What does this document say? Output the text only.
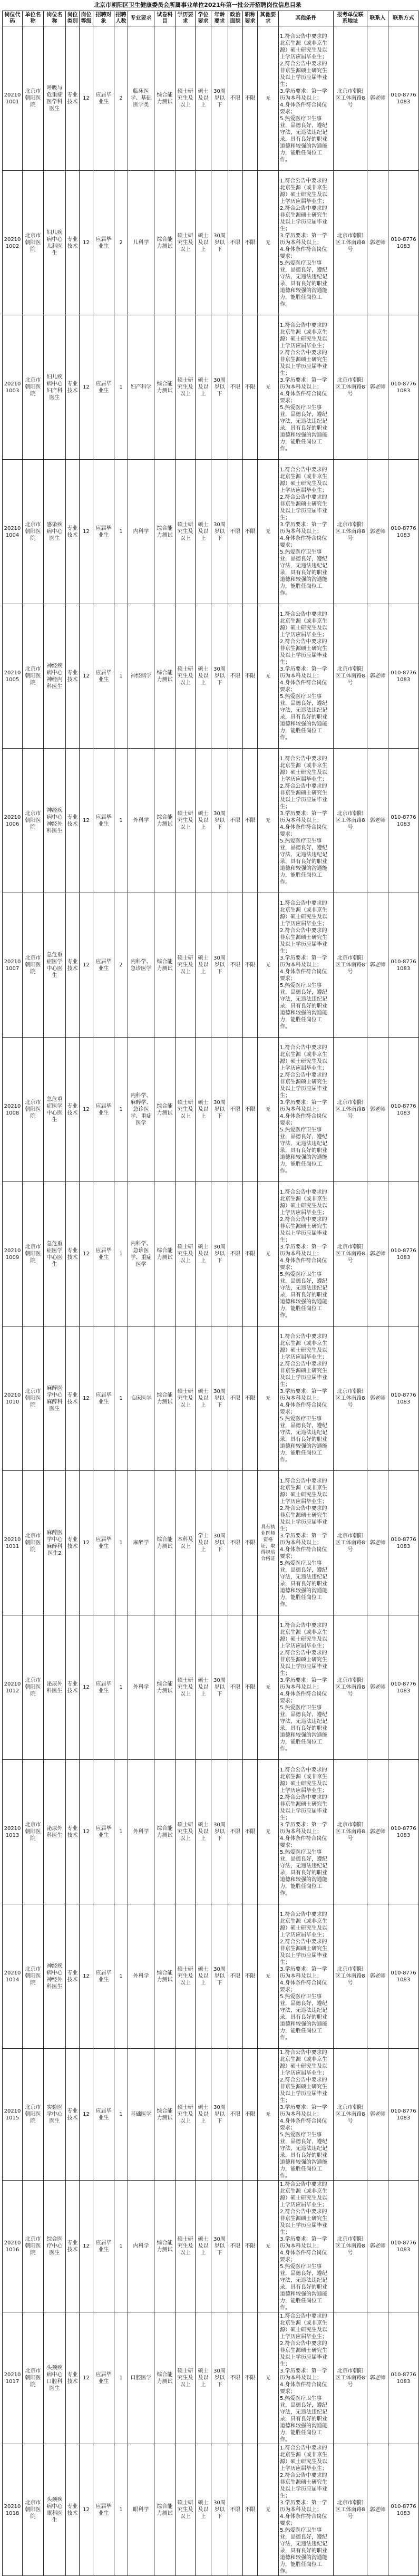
北京市朝阳区卫生健康委员会所属事业单位2021年第一批公开招聘岗位信息目录
岗位代码	单位名称	岗位名称	岗位类别	岗位等级	招聘对象	招聘人数	专业要求	试卷科目	学历要求	学位要求	年龄要求	政治面貌	职称要求	其他要求	其他条件	报考单位联系地址	联系人	联系方式
202101001	北京市朝阳医院	呼吸与危重症医学科医生	专业技术	12	应届毕业生	2	临床医学、基础医学类	综合能力测试	硕士研究生及以上	硕士及以上	30周岁以下	不限	不限	无	1.符合公告中要求的北京生源（或非京生源）硕士研究生及以上学历应届毕业生；
2.符合公告中要求的非京生源硕士研究生及以上学历应届毕业生；
3.学历要求：第一学历为本科及以上；
4.身体条件符合岗位要求；
5.热爱医疗卫生事业，品德良好，遵纪守法，无违法违纪记录，具有良好的职业道德和较强的沟通能力，能胜任岗位工作。	北京市朝阳区工体南路8号	郭老师	010-87761083
202101002	北京市朝阳医院	妇儿疾病中心儿科医生	专业技术	12	应届毕业生	2	儿科学	综合能力测试	硕士研究生及以上	硕士及以上	30周岁以下	不限	不限	无	1.符合公告中要求的北京生源（或非京生源）硕士研究生及以上学历应届毕业生；
2.符合公告中要求的非京生源硕士研究生及以上学历应届毕业生；
3.学历要求：第一学历为本科及以上；
4.身体条件符合岗位要求；
5.热爱医疗卫生事业，品德良好，遵纪守法，无违法违纪记录，具有良好的职业道德和较强的沟通能力，能胜任岗位工作。	北京市朝阳区工体南路8号	郭老师	010-87761083
202101003	北京市朝阳医院	妇儿疾病中心妇产科医生	专业技术	12	应届毕业生	1	妇产科学	综合能力测试	硕士研究生及以上	硕士及以上	30周岁以下	不限	不限	无	1.符合公告中要求的北京生源（或非京生源）硕士研究生及以上学历应届毕业生；
2.符合公告中要求的非京生源硕士研究生及以上学历应届毕业生；
3.学历要求：第一学历为本科及以上；
4.身体条件符合岗位要求；
5.热爱医疗卫生事业，品德良好，遵纪守法，无违法违纪记录，具有良好的职业道德和较强的沟通能力，能胜任岗位工作。	北京市朝阳区工体南路8号	郭老师	010-87761083
202101004	北京市朝阳医院	感染疾病中心医生	专业技术	12	应届毕业生	1	内科学	综合能力测试	硕士研究生及以上	硕士及以上	30周岁以下	不限	不限	无	1.符合公告中要求的北京生源（或非京生源）硕士研究生及以上学历应届毕业生；
2.符合公告中要求的非京生源硕士研究生及以上学历应届毕业生；
3.学历要求：第一学历为本科及以上；
4.身体条件符合岗位要求；
5.热爱医疗卫生事业，品德良好，遵纪守法，无违法违纪记录，具有良好的职业道德和较强的沟通能力，能胜任岗位工作。	北京市朝阳区工体南路8号	郭老师	010-87761083
202101005	北京市朝阳医院	神经疾病中心神经内科医生	专业技术	12	应届毕业生	1	神经病学	综合能力测试	硕士研究生及以上	硕士及以上	30周岁以下	不限	不限	无	1.符合公告中要求的北京生源（或非京生源）硕士研究生及以上学历应届毕业生；
2.符合公告中要求的非京生源硕士研究生及以上学历应届毕业生；
3.学历要求：第一学历为本科及以上；
4.身体条件符合岗位要求；
5.热爱医疗卫生事业，品德良好，遵纪守法，无违法违纪记录，具有良好的职业道德和较强的沟通能力，能胜任岗位工作。	北京市朝阳区工体南路8号	郭老师	010-87761083
202101006	北京市朝阳医院	神经疾病中心神经外科医生	专业技术	12	应届毕业生	1	外科学	综合能力测试	硕士研究生及以上	硕士及以上	30周岁以下	不限	不限	无	1.符合公告中要求的北京生源（或非京生源）硕士研究生及以上学历应届毕业生；
2.符合公告中要求的非京生源硕士研究生及以上学历应届毕业生；
3.学历要求：第一学历为本科及以上；
4.身体条件符合岗位要求；
5.热爱医疗卫生事业，品德良好，遵纪守法，无违法违纪记录，具有良好的职业道德和较强的沟通能力，能胜任岗位工作。	北京市朝阳区工体南路8号	郭老师	010-87761083
202101007	北京市朝阳医院	急危重症医学中心医生	专业技术	12	应届毕业生	2	内科学、急诊医学	综合能力测试	硕士研究生及以上	硕士及以上	30周岁以下	不限	不限	无	1.符合公告中要求的北京生源（或非京生源）硕士研究生及以上学历应届毕业生；
2.符合公告中要求的非京生源硕士研究生及以上学历应届毕业生；
3.学历要求：第一学历为本科及以上；
4.身体条件符合岗位要求；
5.热爱医疗卫生事业，品德良好，遵纪守法，无违法违纪记录，具有良好的职业道德和较强的沟通能力，能胜任岗位工作。	北京市朝阳区工体南路8号	郭老师	010-87761083
202101008	北京市朝阳医院	急危重症医学中心医生	专业技术	12	应届毕业生	1	内科学、麻醉学、急诊医学、重症医学	综合能力测试	硕士研究生及以上	硕士及以上	30周岁以下	不限	不限	无	1.符合公告中要求的北京生源（或非京生源）硕士研究生及以上学历应届毕业生；
2.符合公告中要求的非京生源硕士研究生及以上学历应届毕业生；
3.学历要求：第一学历为本科及以上；
4.身体条件符合岗位要求；
5.热爱医疗卫生事业，品德良好，遵纪守法，无违法违纪记录，具有良好的职业道德和较强的沟通能力，能胜任岗位工作。	北京市朝阳区工体南路8号	郭老师	010-87761083
202101009	北京市朝阳医院	急危重症医学中心医生	专业技术	12	应届毕业生	1	内科学、急诊医学、重症医学	综合能力测试	硕士研究生及以上	硕士及以上	30周岁以下	不限	不限	无	1.符合公告中要求的北京生源（或非京生源）硕士研究生及以上学历应届毕业生；
2.符合公告中要求的非京生源硕士研究生及以上学历应届毕业生；
3.学历要求：第一学历为本科及以上；
4.身体条件符合岗位要求；
5.热爱医疗卫生事业，品德良好，遵纪守法，无违法违纪记录，具有良好的职业道德和较强的沟通能力，能胜任岗位工作。	北京市朝阳区工体南路8号	郭老师	010-87761083
202101010	北京市朝阳医院	麻醉医学中心麻醉科医生	专业技术	12	应届毕业生	1	临床医学	综合能力测试	硕士研究生及以上	硕士及以上	30周岁以下	不限	不限	无	1.符合公告中要求的北京生源（或非京生源）硕士研究生及以上学历应届毕业生；
2.符合公告中要求的非京生源硕士研究生及以上学历应届毕业生；
3.学历要求：第一学历为本科及以上；
4.身体条件符合岗位要求；
5.热爱医疗卫生事业，品德良好，遵纪守法，无违法违纪记录，具有良好的职业道德和较强的沟通能力，能胜任岗位工作。	北京市朝阳区工体南路8号	郭老师	010-87761083
202101011	北京市朝阳医院	麻醉医学中心麻醉科医生2	专业技术	12	应届毕业生	1	麻醉学	综合能力测试	本科及以上	学士及以上	30周岁以下	不限	不限	具有执业医师资格证，取得规培合格证	1.符合公告中要求的北京生源（或非京生源）硕士研究生及以上学历应届毕业生；
2.符合公告中要求的非京生源硕士研究生及以上学历应届毕业生；
3.学历要求：第一学历为本科及以上；
4.身体条件符合岗位要求；
5.热爱医疗卫生事业，品德良好，遵纪守法，无违法违纪记录，具有良好的职业道德和较强的沟通能力，能胜任岗位工作。	北京市朝阳区工体南路8号	郭老师	010-87761083
202101012	北京市朝阳医院	泌尿外科医生	专业技术	12	应届毕业生	1	外科学	综合能力测试	硕士研究生及以上	硕士及以上	30周岁以下	不限	不限	无	1.符合公告中要求的北京生源（或非京生源）硕士研究生及以上学历应届毕业生；
2.符合公告中要求的非京生源硕士研究生及以上学历应届毕业生；
3.学历要求：第一学历为本科及以上；
4.身体条件符合岗位要求；
5.热爱医疗卫生事业，品德良好，遵纪守法，无违法违纪记录，具有良好的职业道德和较强的沟通能力，能胜任岗位工作。	北京市朝阳区工体南路8号	郭老师	010-87761083
202101013	北京市朝阳医院	泌尿外科医生	专业技术	12	应届毕业生	1	外科学	综合能力测试	硕士研究生及以上	硕士及以上	30周岁以下	不限	不限	无	1.符合公告中要求的北京生源（或非京生源）硕士研究生及以上学历应届毕业生；
2.符合公告中要求的非京生源硕士研究生及以上学历应届毕业生；
3.学历要求：第一学历为本科及以上；
4.身体条件符合岗位要求；
5.热爱医疗卫生事业，品德良好，遵纪守法，无违法违纪记录，具有良好的职业道德和较强的沟通能力，能胜任岗位工作。	北京市朝阳区工体南路8号	郭老师	010-87761083
202101014	北京市朝阳医院	神经疾病中心神经外科医生	专业技术	12	应届毕业生	1	外科学	综合能力测试	硕士研究生及以上	硕士及以上	30周岁以下	不限	不限	无	1.符合公告中要求的北京生源（或非京生源）硕士研究生及以上学历应届毕业生；
2.符合公告中要求的非京生源硕士研究生及以上学历应届毕业生；
3.学历要求：第一学历为本科及以上；
4.身体条件符合岗位要求；
5.热爱医疗卫生事业，品德良好，遵纪守法，无违法违纪记录，具有良好的职业道德和较强的沟通能力，能胜任岗位工作。	北京市朝阳区工体南路8号	郭老师	010-87761083
202101015	北京市朝阳医院	实验医学中心医生	专业技术	12	应届毕业生	1	基础医学	综合能力测试	硕士研究生及以上	硕士及以上	30周岁以下	不限	不限	无	1.符合公告中要求的北京生源（或非京生源）硕士研究生及以上学历应届毕业生；
2.符合公告中要求的非京生源硕士研究生及以上学历应届毕业生；
3.学历要求：第一学历为本科及以上；
4.身体条件符合岗位要求；
5.热爱医疗卫生事业，品德良好，遵纪守法，无违法违纪记录，具有良好的职业道德和较强的沟通能力，能胜任岗位工作。	北京市朝阳区工体南路8号	郭老师	010-87761083
202101016	北京市朝阳医院	综合医疗中心医生	专业技术	12	应届毕业生	1	内科学	综合能力测试	硕士研究生及以上	硕士及以上	30周岁以下	不限	不限	无	1.符合公告中要求的北京生源（或非京生源）硕士研究生及以上学历应届毕业生；
2.符合公告中要求的非京生源硕士研究生及以上学历应届毕业生；
3.学历要求：第一学历为本科及以上；
4.身体条件符合岗位要求；
5.热爱医疗卫生事业，品德良好，遵纪守法，无违法违纪记录，具有良好的职业道德和较强的沟通能力，能胜任岗位工作。	北京市朝阳区工体南路8号	郭老师	010-87761083
202101017	北京市朝阳医院	头颈疾病中心口腔科医生	专业技术	12	应届毕业生	1	口腔医学	综合能力测试	硕士研究生及以上	硕士及以上	30周岁以下	不限	不限	无	1.符合公告中要求的北京生源（或非京生源）硕士研究生及以上学历应届毕业生；
2.符合公告中要求的非京生源硕士研究生及以上学历应届毕业生；
3.学历要求：第一学历为本科及以上；
4.身体条件符合岗位要求；
5.热爱医疗卫生事业，品德良好，遵纪守法，无违法违纪记录，具有良好的职业道德和较强的沟通能力，能胜任岗位工作。	北京市朝阳区工体南路8号	郭老师	010-87761083
202101018	北京市朝阳医院	头颈疾病中心眼科医生	专业技术	12	应届毕业生	1	眼科学	综合能力测试	硕士研究生及以上	硕士及以上	30周岁以下	不限	不限	无	1.符合公告中要求的北京生源（或非京生源）硕士研究生及以上学历应届毕业生；
2.符合公告中要求的非京生源硕士研究生及以上学历应届毕业生；
3.学历要求：第一学历为本科及以上；
4.身体条件符合岗位要求；
5.热爱医疗卫生事业，品德良好，遵纪守法，无违法违纪记录，具有良好的职业道德和较强的沟通能力，能胜任岗位工作。	北京市朝阳区工体南路8号	郭老师	010-87761083
